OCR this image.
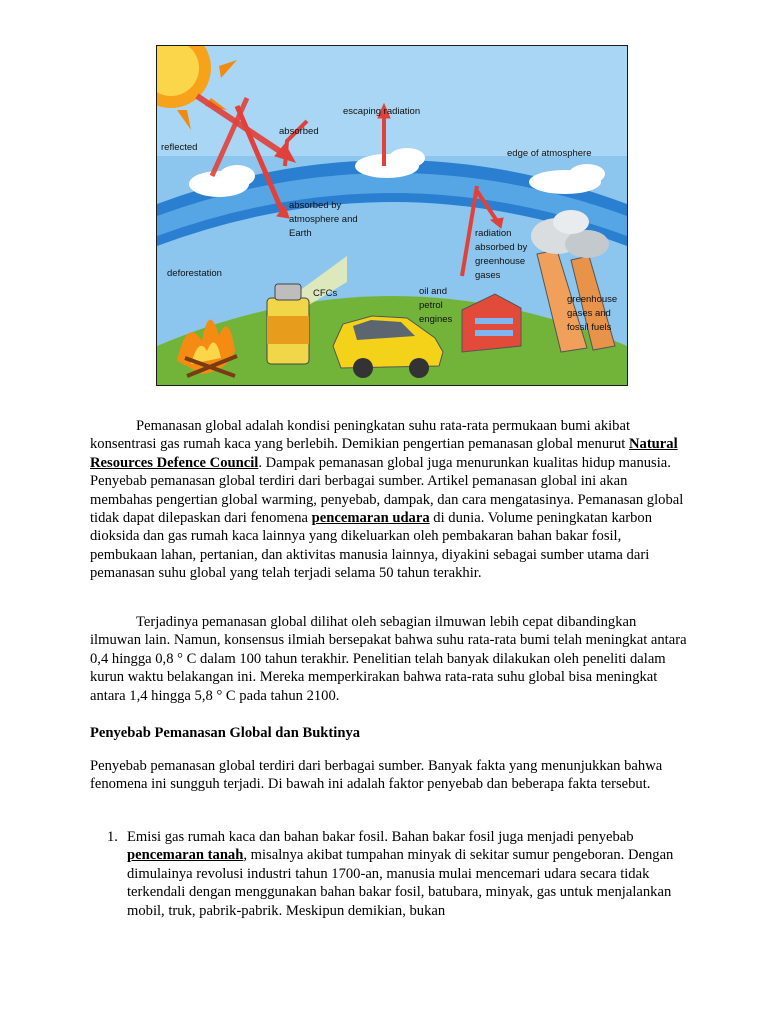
reflected
absorbed
escaping radiation
edge of atmosphere
absorbed by
atmosphere and
Earth	radiation
absorbed by
greenhouse
gases
deforestation
CFCs	oil and
petrol
engines
greenhouse
gases and
fossil fuels
Pemanasan global adalah kondisi peningkatan suhu rata-rata permukaan bumi akibat konsentrasi gas rumah kaca yang berlebih. Demikian pengertian pemanasan global menurut Natural Resources Defence Council. Dampak pemanasan global juga menurunkan kualitas hidup manusia. Penyebab pemanasan global terdiri dari berbagai sumber. Artikel pemanasan global ini akan membahas pengertian global warming, penyebab, dampak, dan cara mengatasinya. Pemanasan global tidak dapat dilepaskan dari fenomena pencemaran udara di dunia. Volume peningkatan karbon dioksida dan gas rumah kaca lainnya yang dikeluarkan oleh pembakaran bahan bakar fosil, pembukaan lahan, pertanian, dan aktivitas manusia lainnya, diyakini sebagai sumber utama dari pemanasan suhu global yang telah terjadi selama 50 tahun terakhir.
Terjadinya pemanasan global dilihat oleh sebagian ilmuwan lebih cepat dibandingkan ilmuwan lain. Namun, konsensus ilmiah bersepakat bahwa suhu rata-rata bumi telah meningkat antara 0,4 hingga 0,8 ° C dalam 100 tahun terakhir. Penelitian telah banyak dilakukan oleh peneliti dalam kurun waktu belakangan ini. Mereka memperkirakan bahwa rata-rata suhu global bisa meningkat antara 1,4 hingga 5,8 ° C pada tahun 2100.
Penyebab Pemanasan Global dan Buktinya
Penyebab pemanasan global terdiri dari berbagai sumber. Banyak fakta yang menunjukkan bahwa fenomena ini sungguh terjadi. Di bawah ini adalah faktor penyebab dan beberapa fakta tersebut.
1. Emisi gas rumah kaca dan bahan bakar fosil. Bahan bakar fosil juga menjadi penyebab pencemaran tanah, misalnya akibat tumpahan minyak di sekitar sumur pengeboran. Dengan dimulainya revolusi industri tahun 1700-an, manusia mulai mencemari udara secara tidak terkendali dengan menggunakan bahan bakar fosil, batubara, minyak, gas untuk menjalankan mobil, truk, pabrik-pabrik. Meskipun demikian, bukan
